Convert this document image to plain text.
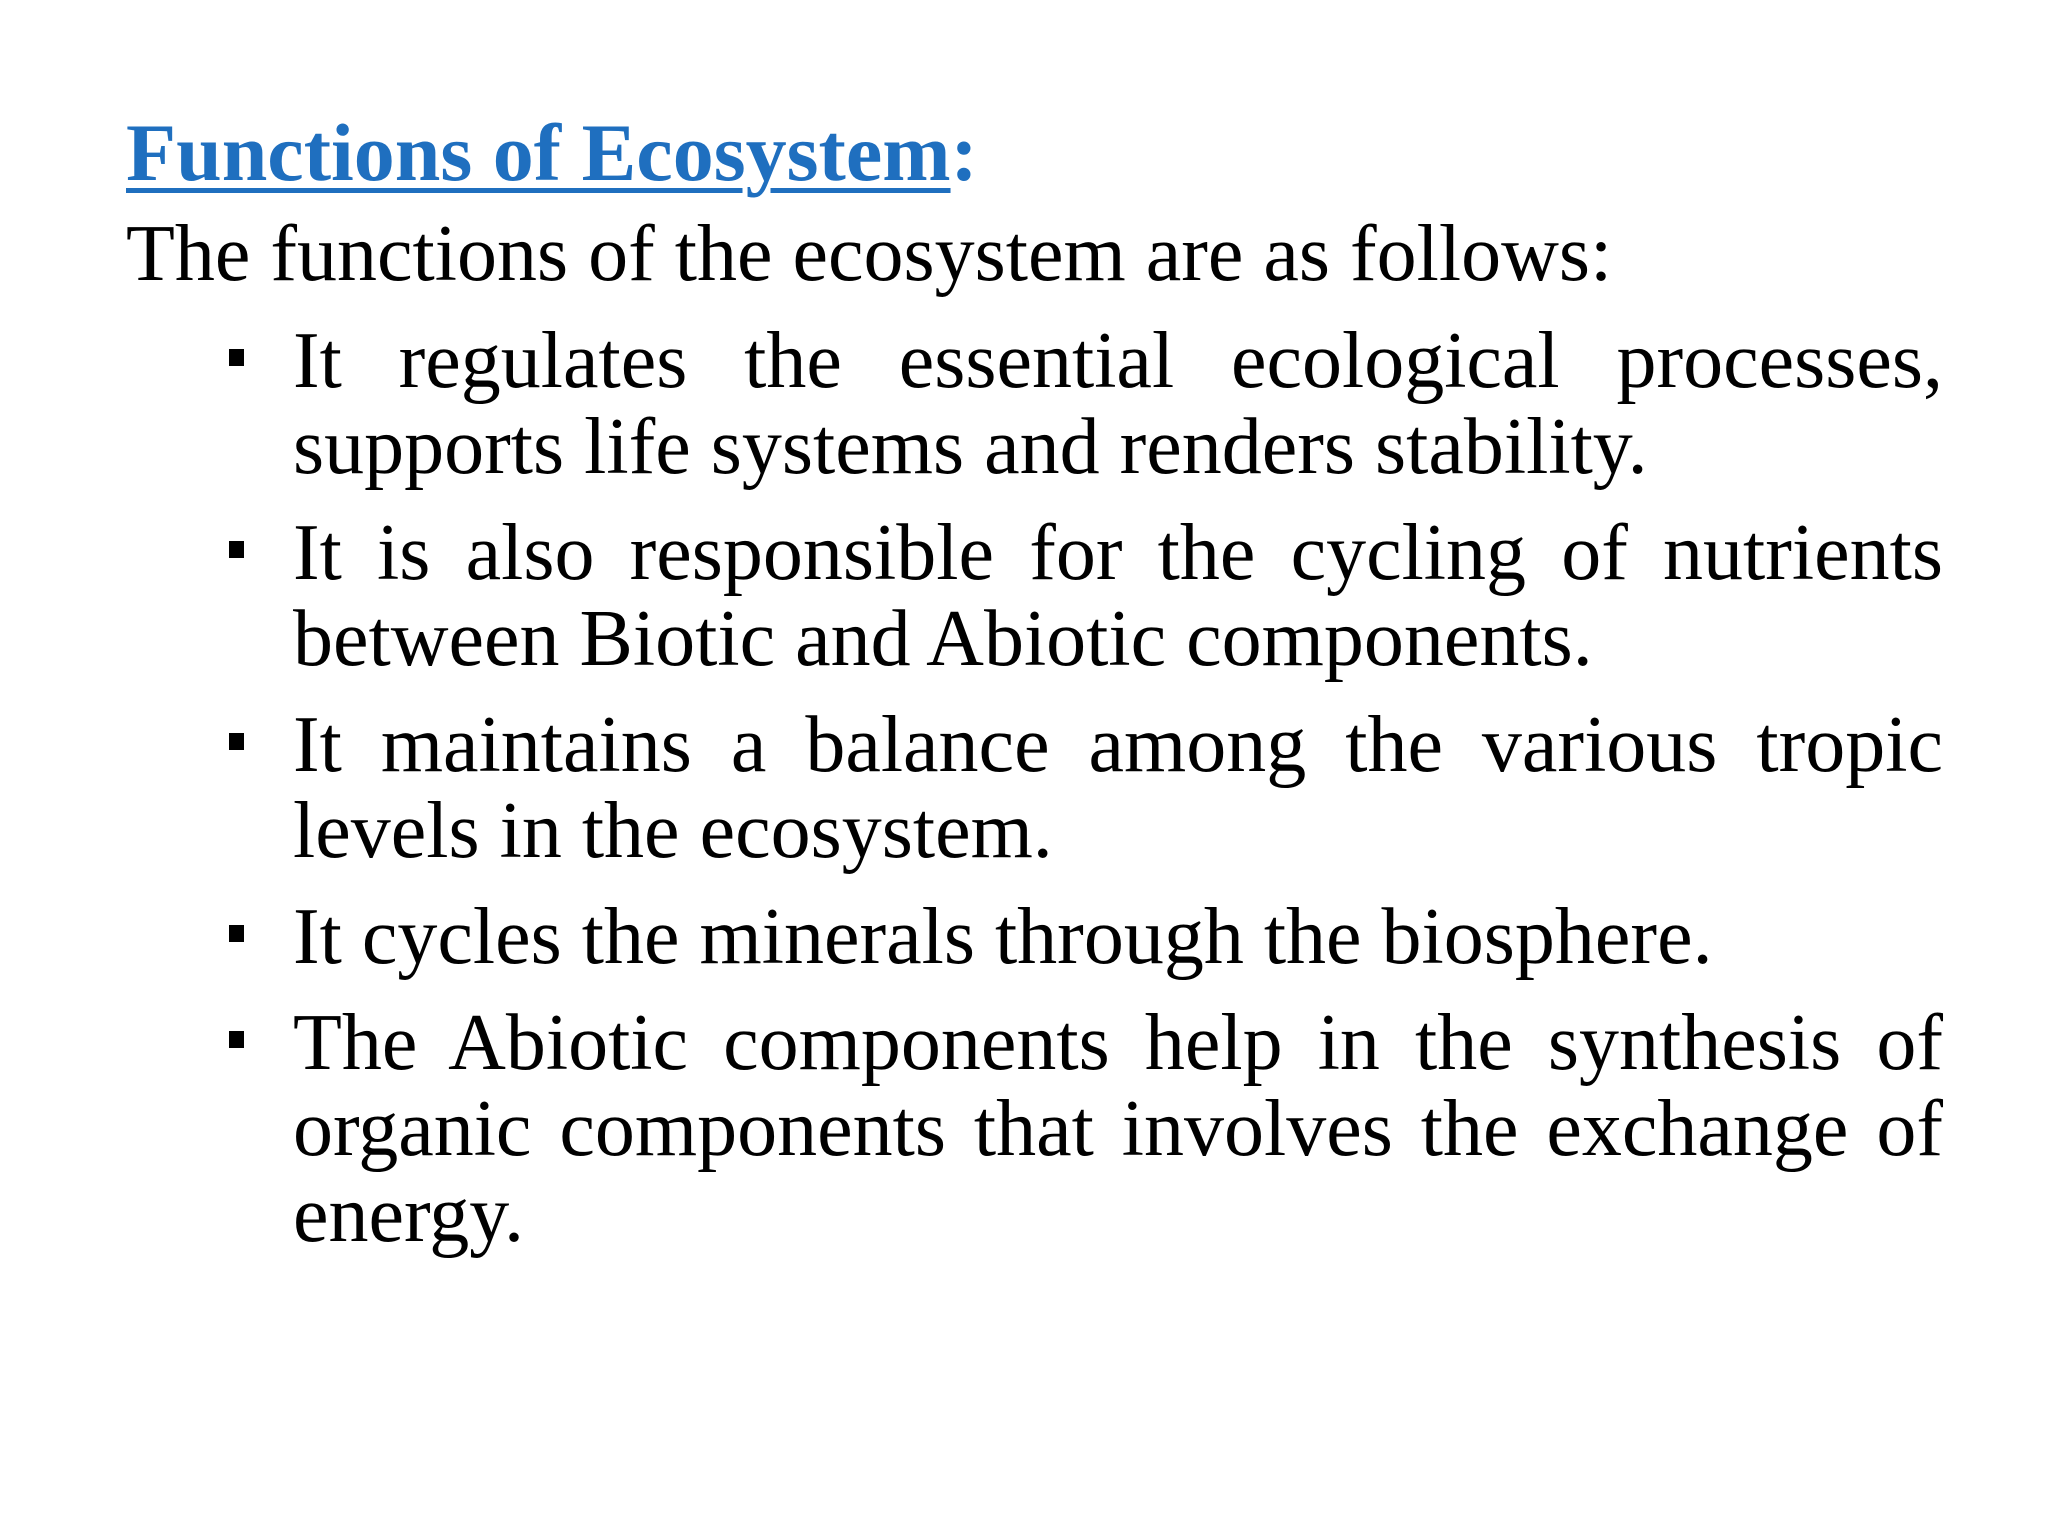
Functions of Ecosystem:
The functions of the ecosystem are as follows:
It regulates the essential ecological processes, supports life systems and renders stability.
It is also responsible for the cycling of nutrients between Biotic and Abiotic components.
It maintains a balance among the various tropic levels in the ecosystem.
It cycles the minerals through the biosphere.
The Abiotic components help in the synthesis of organic components that involves the exchange of energy.
